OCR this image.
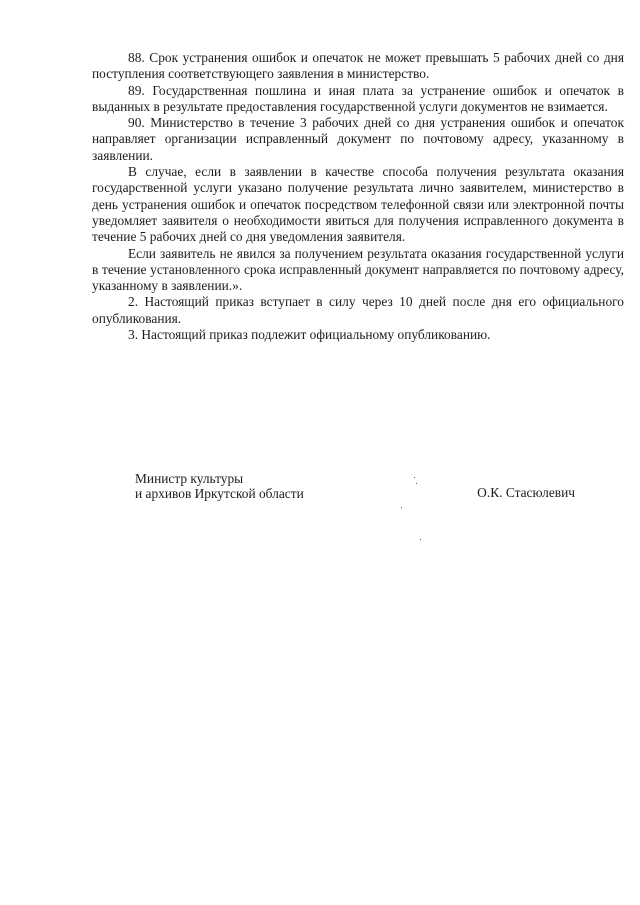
88. Срок устранения ошибок и опечаток не может превышать 5 рабочих дней со дня поступления соответствующего заявления в министерство.

89. Государственная пошлина и иная плата за устранение ошибок и опечаток в выданных в результате предоставления государственной услуги документов не взимается.

90. Министерство в течение 3 рабочих дней со дня устранения ошибок и опечаток направляет организации исправленный документ по почтовому адресу, указанному в заявлении.

В случае, если в заявлении в качестве способа получения результата оказания государственной услуги указано получение результата лично заявителем, министерство в день устранения ошибок и опечаток посредством телефонной связи или электронной почты уведомляет заявителя о необходимости явиться для получения исправленного документа в течение 5 рабочих дней со дня уведомления заявителя.

Если заявитель не явился за получением результата оказания государственной услуги в течение установленного срока исправленный документ направляется по почтовому адресу, указанному в заявлении.».

2. Настоящий приказ вступает в силу через 10 дней после дня его официального опубликования.

3. Настоящий приказ подлежит официальному опубликованию.

Министр культуры
и архивов Иркутской области	О.К. Стасюлевич
